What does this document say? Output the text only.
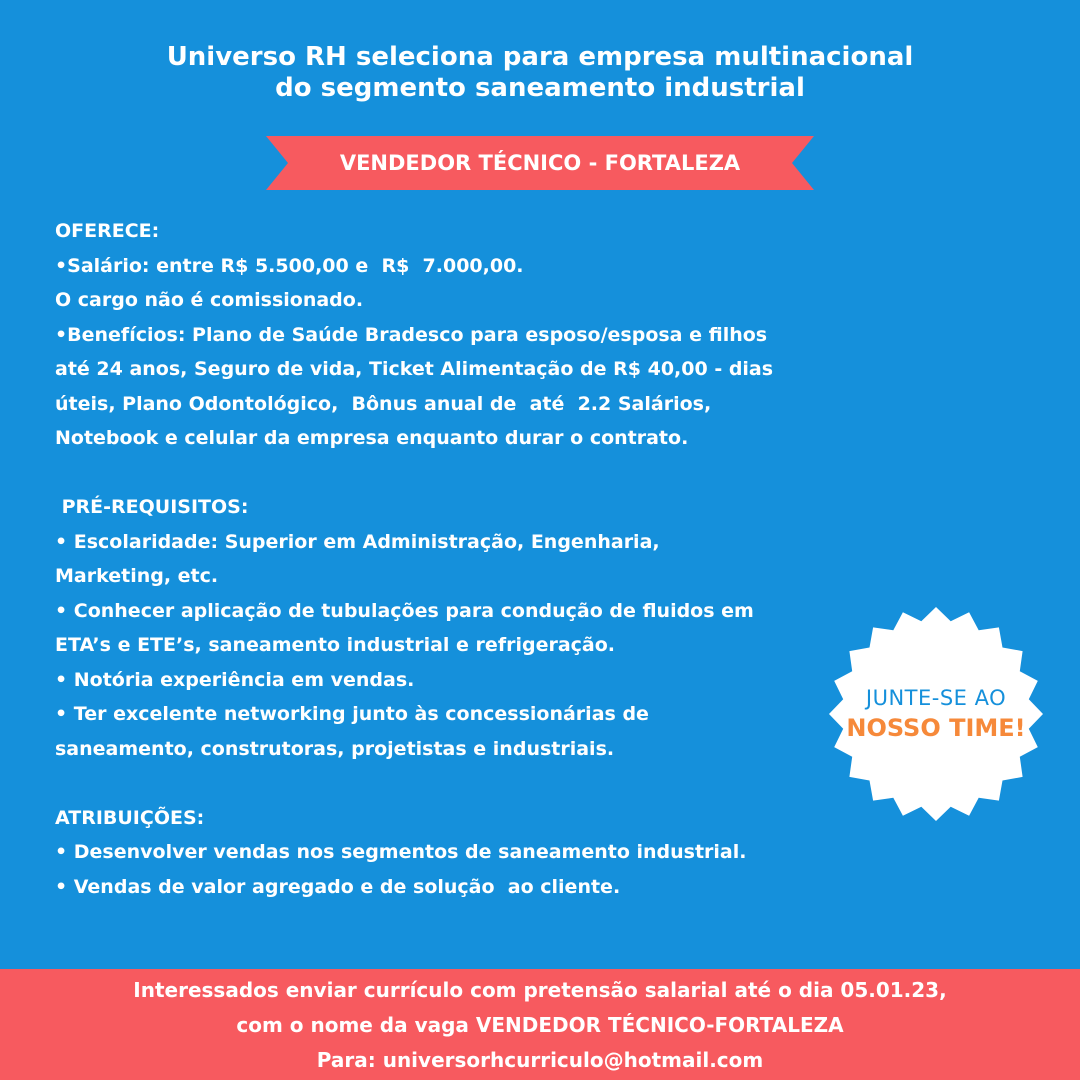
Universo RH seleciona para empresa multinacional
do segmento saneamento industrial
VENDEDOR TÉCNICO - FORTALEZA
OFERECE:
•Salário: entre R$ 5.500,00 e  R$  7.000,00.
O cargo não é comissionado.
•Benefícios: Plano de Saúde Bradesco para esposo/esposa e filhos
até 24 anos, Seguro de vida, Ticket Alimentação de R$ 40,00 - dias
úteis, Plano Odontológico,  Bônus anual de  até  2.2 Salários,
Notebook e celular da empresa enquanto durar o contrato.
PRÉ-REQUISITOS:
• Escolaridade: Superior em Administração, Engenharia,
Marketing, etc.
• Conhecer aplicação de tubulações para condução de fluidos em
ETA’s e ETE’s, saneamento industrial e refrigeração.
• Notória experiência em vendas.
• Ter excelente networking junto às concessionárias de
saneamento, construtoras, projetistas e industriais.
ATRIBUIÇÕES:
• Desenvolver vendas nos segmentos de saneamento industrial.
• Vendas de valor agregado e de solução  ao cliente.
JUNTE-SE AO
NOSSO TIME!
Interessados enviar currículo com pretensão salarial até o dia 05.01.23,
com o nome da vaga VENDEDOR TÉCNICO-FORTALEZA
Para: universorhcurriculo@hotmail.com
